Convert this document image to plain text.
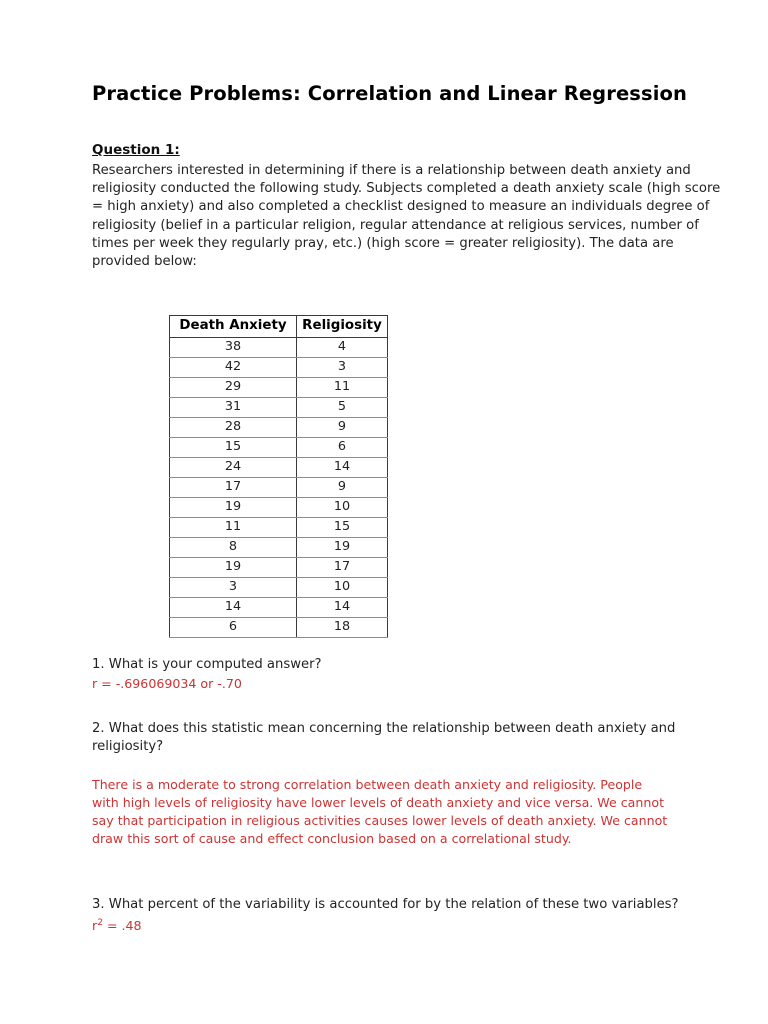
Practice Problems: Correlation and Linear Regression
Question 1:

Researchers interested in determining if there is a relationship between death anxiety and
religiosity conducted the following study. Subjects completed a death anxiety scale (high score
= high anxiety) and also completed a checklist designed to measure an individuals degree of
religiosity (belief in a particular religion, regular attendance at religious services, number of
times per week they regularly pray, etc.) (high score = greater religiosity). The data are
provided below:

Death Anxiety	Religiosity
38	4
42	3
29	11
31	5
28	9
15	6
24	14
17	9
19	10
11	15
8	19
19	17
3	10
14	14
6	18

1. What is your computed answer?

r = -.696069034 or -.70

2. What does this statistic mean concerning the relationship between death anxiety and
religiosity?

There is a moderate to strong correlation between death anxiety and religiosity. People
with high levels of religiosity have lower levels of death anxiety and vice versa. We cannot
say that participation in religious activities causes lower levels of death anxiety. We cannot
draw this sort of cause and effect conclusion based on a correlational study.

3. What percent of the variability is accounted for by the relation of these two variables?

$r^2 = .48$
